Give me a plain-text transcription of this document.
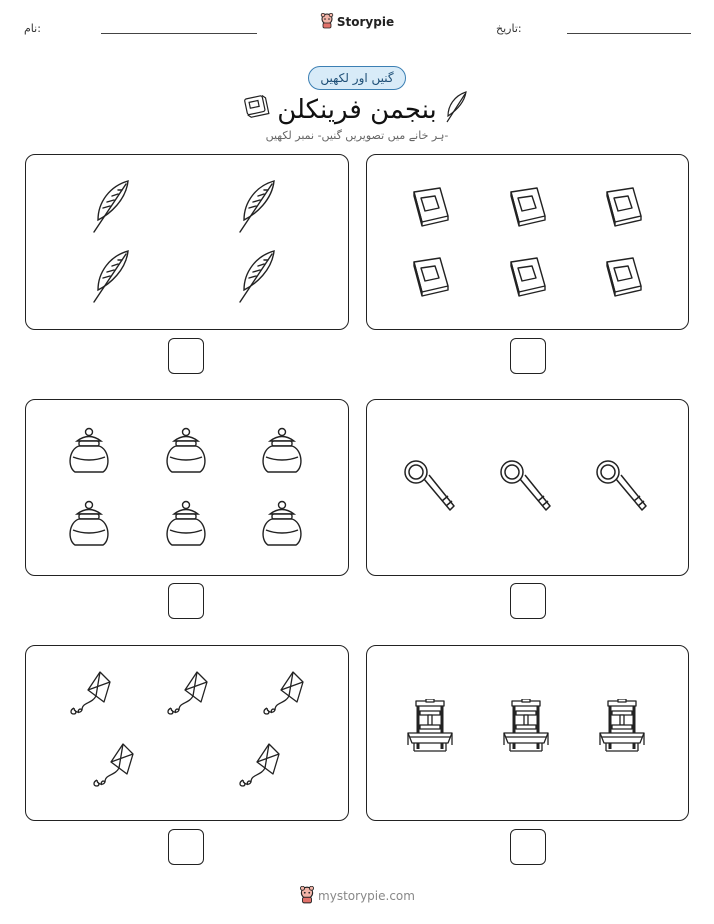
نام:	Storypie	تاریخ:
گنیں اور لکھیں
بنجمن فرینکلن
ہر خانے میں تصویریں گنیں- نمبر لکھیں-
mystorypie.com
